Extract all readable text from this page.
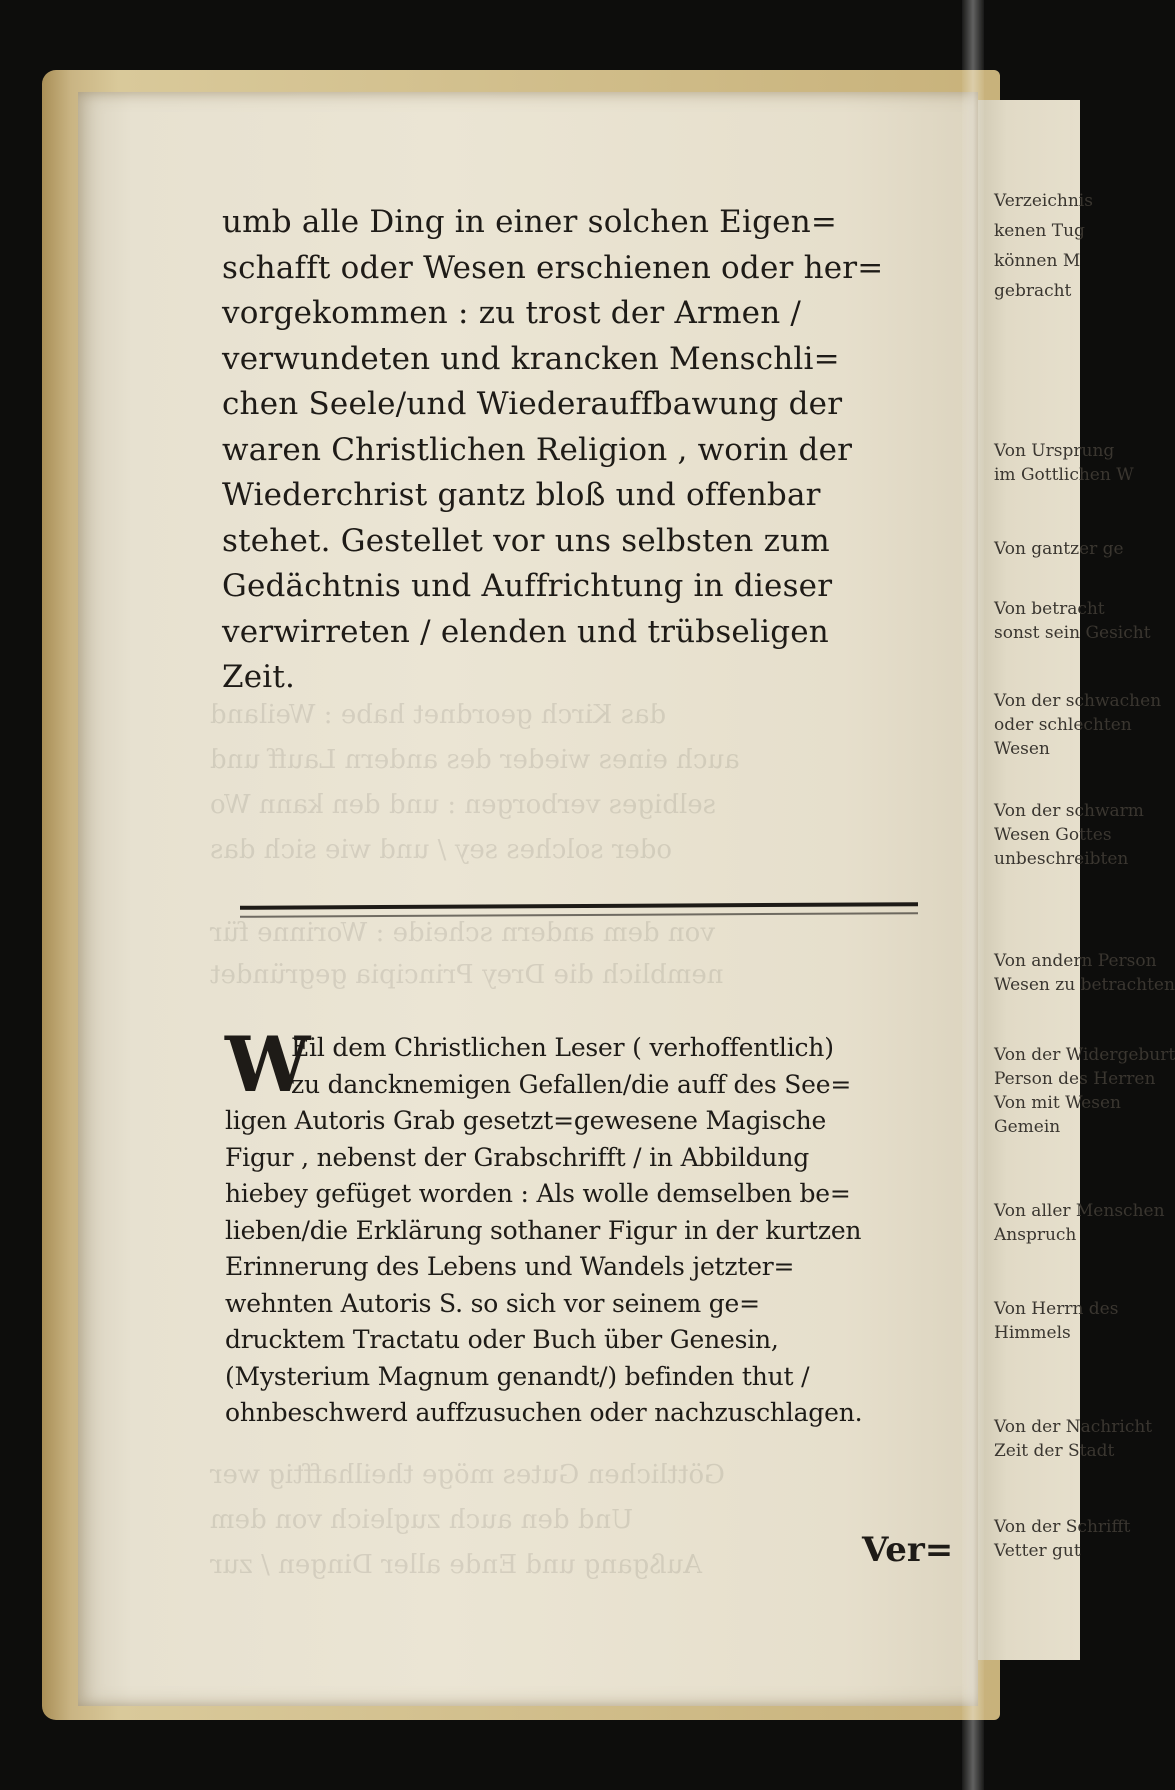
Verzeichnis
kenen Tug
können M
gebracht
Von Ursprung
im Gottlichen W
Von gantzer ge
Von betracht
sonst sein Gesicht
Von der schwachen
oder schlechten
Wesen
Von der schwarm
Wesen Gottes
unbeschreibten
Von andern Person
Wesen zu betrachten
Von der Widergeburt
Person des Herren
Von mit Wesen
Gemein
Von aller Menschen
Anspruch
Von Herrn des
Himmels
Von der Nachricht
Zeit der Stadt
Von der Schrifft
Vetter gut
das Kirch geordnet habe : Weiland
auch eines wieder des andern Lauff und
selbiges verborgen : und den kann Wo
oder solches sey / und wie sich das
von dem andern scheide : Worinne für
nemblich die Drey Principia gegründet
Göttlichen Gutes möge theilhafftig wer
Und den auch zugleich von dem
Außgang und Ende aller Dingen / zur
umb alle Ding in einer solchen Eigen=
schafft oder Wesen erschienen oder her=
vorgekommen : zu trost der Armen /
verwundeten und krancken Menschli=
chen Seele/und Wiederauffbawung der
waren Christlichen Religion , worin der
Wiederchrist gantz bloß und offenbar
stehet. Gestellet vor uns selbsten zum
Gedächtnis und Auffrichtung in dieser
verwirreten / elenden und trübseligen
Zeit.
W
Eil dem Christlichen Leser ( verhoffentlich)
zu dancknemigen Gefallen/die auff des See=
ligen Autoris Grab gesetzt=gewesene Magische
Figur , nebenst der Grabschrifft / in Abbildung
hiebey gefüget worden : Als wolle demselben be=
lieben/die Erklärung sothaner Figur in der kurtzen
Erinnerung des Lebens und Wandels jetzter=
wehnten Autoris S. so sich vor seinem ge=
drucktem Tractatu oder Buch über Genesin,
(Mysterium Magnum genandt/) befinden thut /
ohnbeschwerd auffzusuchen oder nachzuschlagen.
Ver=
